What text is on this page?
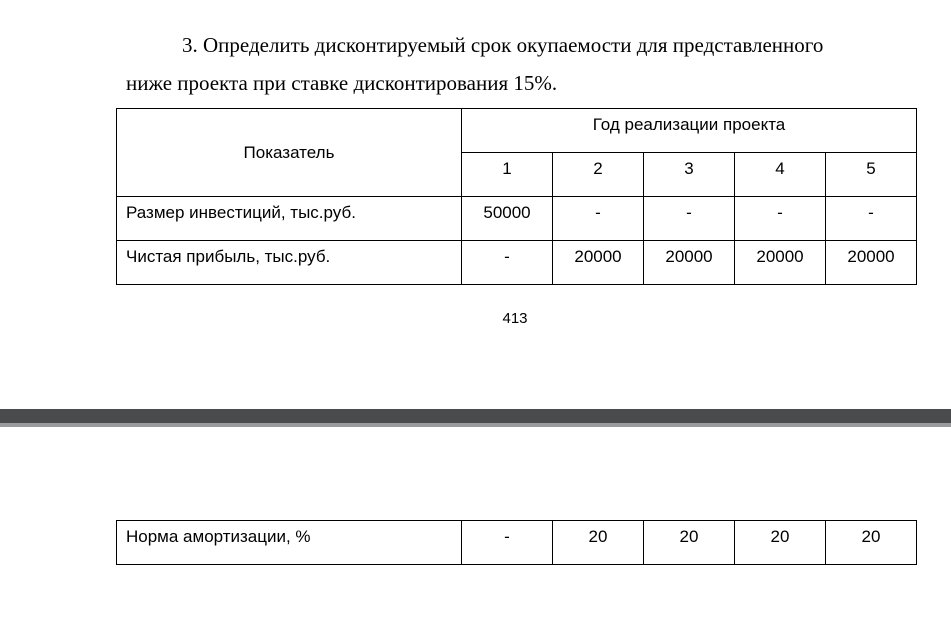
3. Определить дисконтируемый срок окупаемости для представленного
ниже проекта при ставке дисконтирования 15%.
Показатель	Год реализации проекта				

	1	2	3	4	5

Размер инвестиций, тыс.руб.	50000	-	-	-	-

Чистая прибыль, тыс.руб.	-	20000	20000	20000	20000
413
Норма амортизации, %	-	20	20	20	20
